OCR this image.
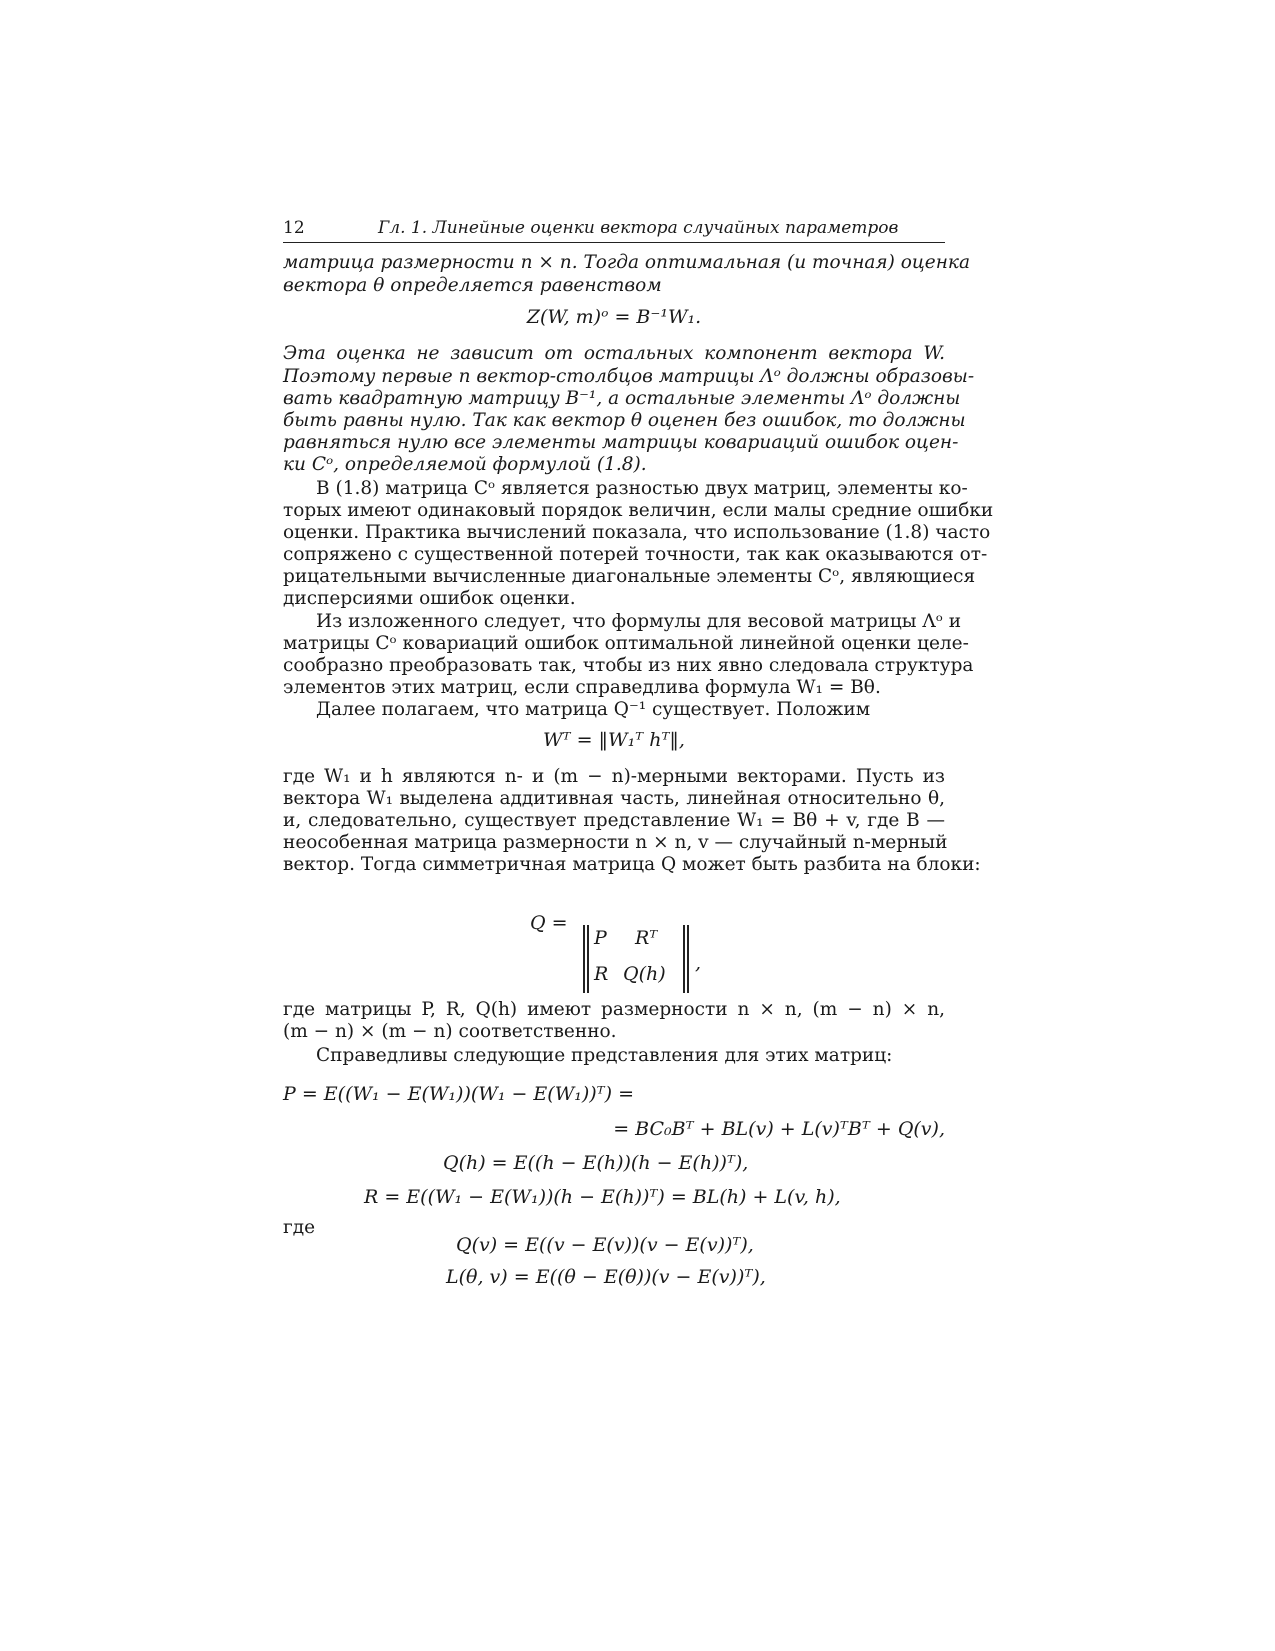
12	Гл. 1. Линейные оценки вектора случайных параметров
матрица размерности n × n. Тогда оптимальная (и точная) оценка
вектора θ определяется равенством
Z(W, m)ᵒ = B⁻¹W₁.
Эта оценка не зависит от остальных компонент вектора W.
Поэтому первые n вектор-столбцов матрицы Λᵒ должны образовы-
вать квадратную матрицу B⁻¹, а остальные элементы Λᵒ должны
быть равны нулю. Так как вектор θ оценен без ошибок, то должны
равняться нулю все элементы матрицы ковариаций ошибок оцен-
ки Cᵒ, определяемой формулой (1.8).
В (1.8) матрица Cᵒ является разностью двух матриц, элементы ко-
торых имеют одинаковый порядок величин, если малы средние ошибки
оценки. Практика вычислений показала, что использование (1.8) часто
сопряжено с существенной потерей точности, так как оказываются от-
рицательными вычисленные диагональные элементы Cᵒ, являющиеся
дисперсиями ошибок оценки.
Из изложенного следует, что формулы для весовой матрицы Λᵒ и
матрицы Cᵒ ковариаций ошибок оптимальной линейной оценки целе-
сообразно преобразовать так, чтобы из них явно следовала структура
элементов этих матриц, если справедлива формула W₁ = Bθ.
Далее полагаем, что матрица Q⁻¹ существует. Положим
Wᵀ = ‖W₁ᵀ hᵀ‖,
где W₁ и h являются n- и (m − n)-мерными векторами. Пусть из
вектора W₁ выделена аддитивная часть, линейная относительно θ,
и, следовательно, существует представление W₁ = Bθ + v, где B —
неособенная матрица размерности n × n, v — случайный n-мерный
вектор. Тогда симметричная матрица Q может быть разбита на блоки:
Q =
P Rᵀ
R Q(h) ,
где матрицы P, R, Q(h) имеют размерности n × n, (m − n) × n,
(m − n) × (m − n) соответственно.
Справедливы следующие представления для этих матриц:
P = E((W₁ − E(W₁))(W₁ − E(W₁))ᵀ) =
= BC₀Bᵀ + BL(v) + L(v)ᵀBᵀ + Q(v),
Q(h) = E((h − E(h))(h − E(h))ᵀ),
R = E((W₁ − E(W₁))(h − E(h))ᵀ) = BL(h) + L(v, h),
где
Q(v) = E((v − E(v))(v − E(v))ᵀ),
L(θ, v) = E((θ − E(θ))(v − E(v))ᵀ),
